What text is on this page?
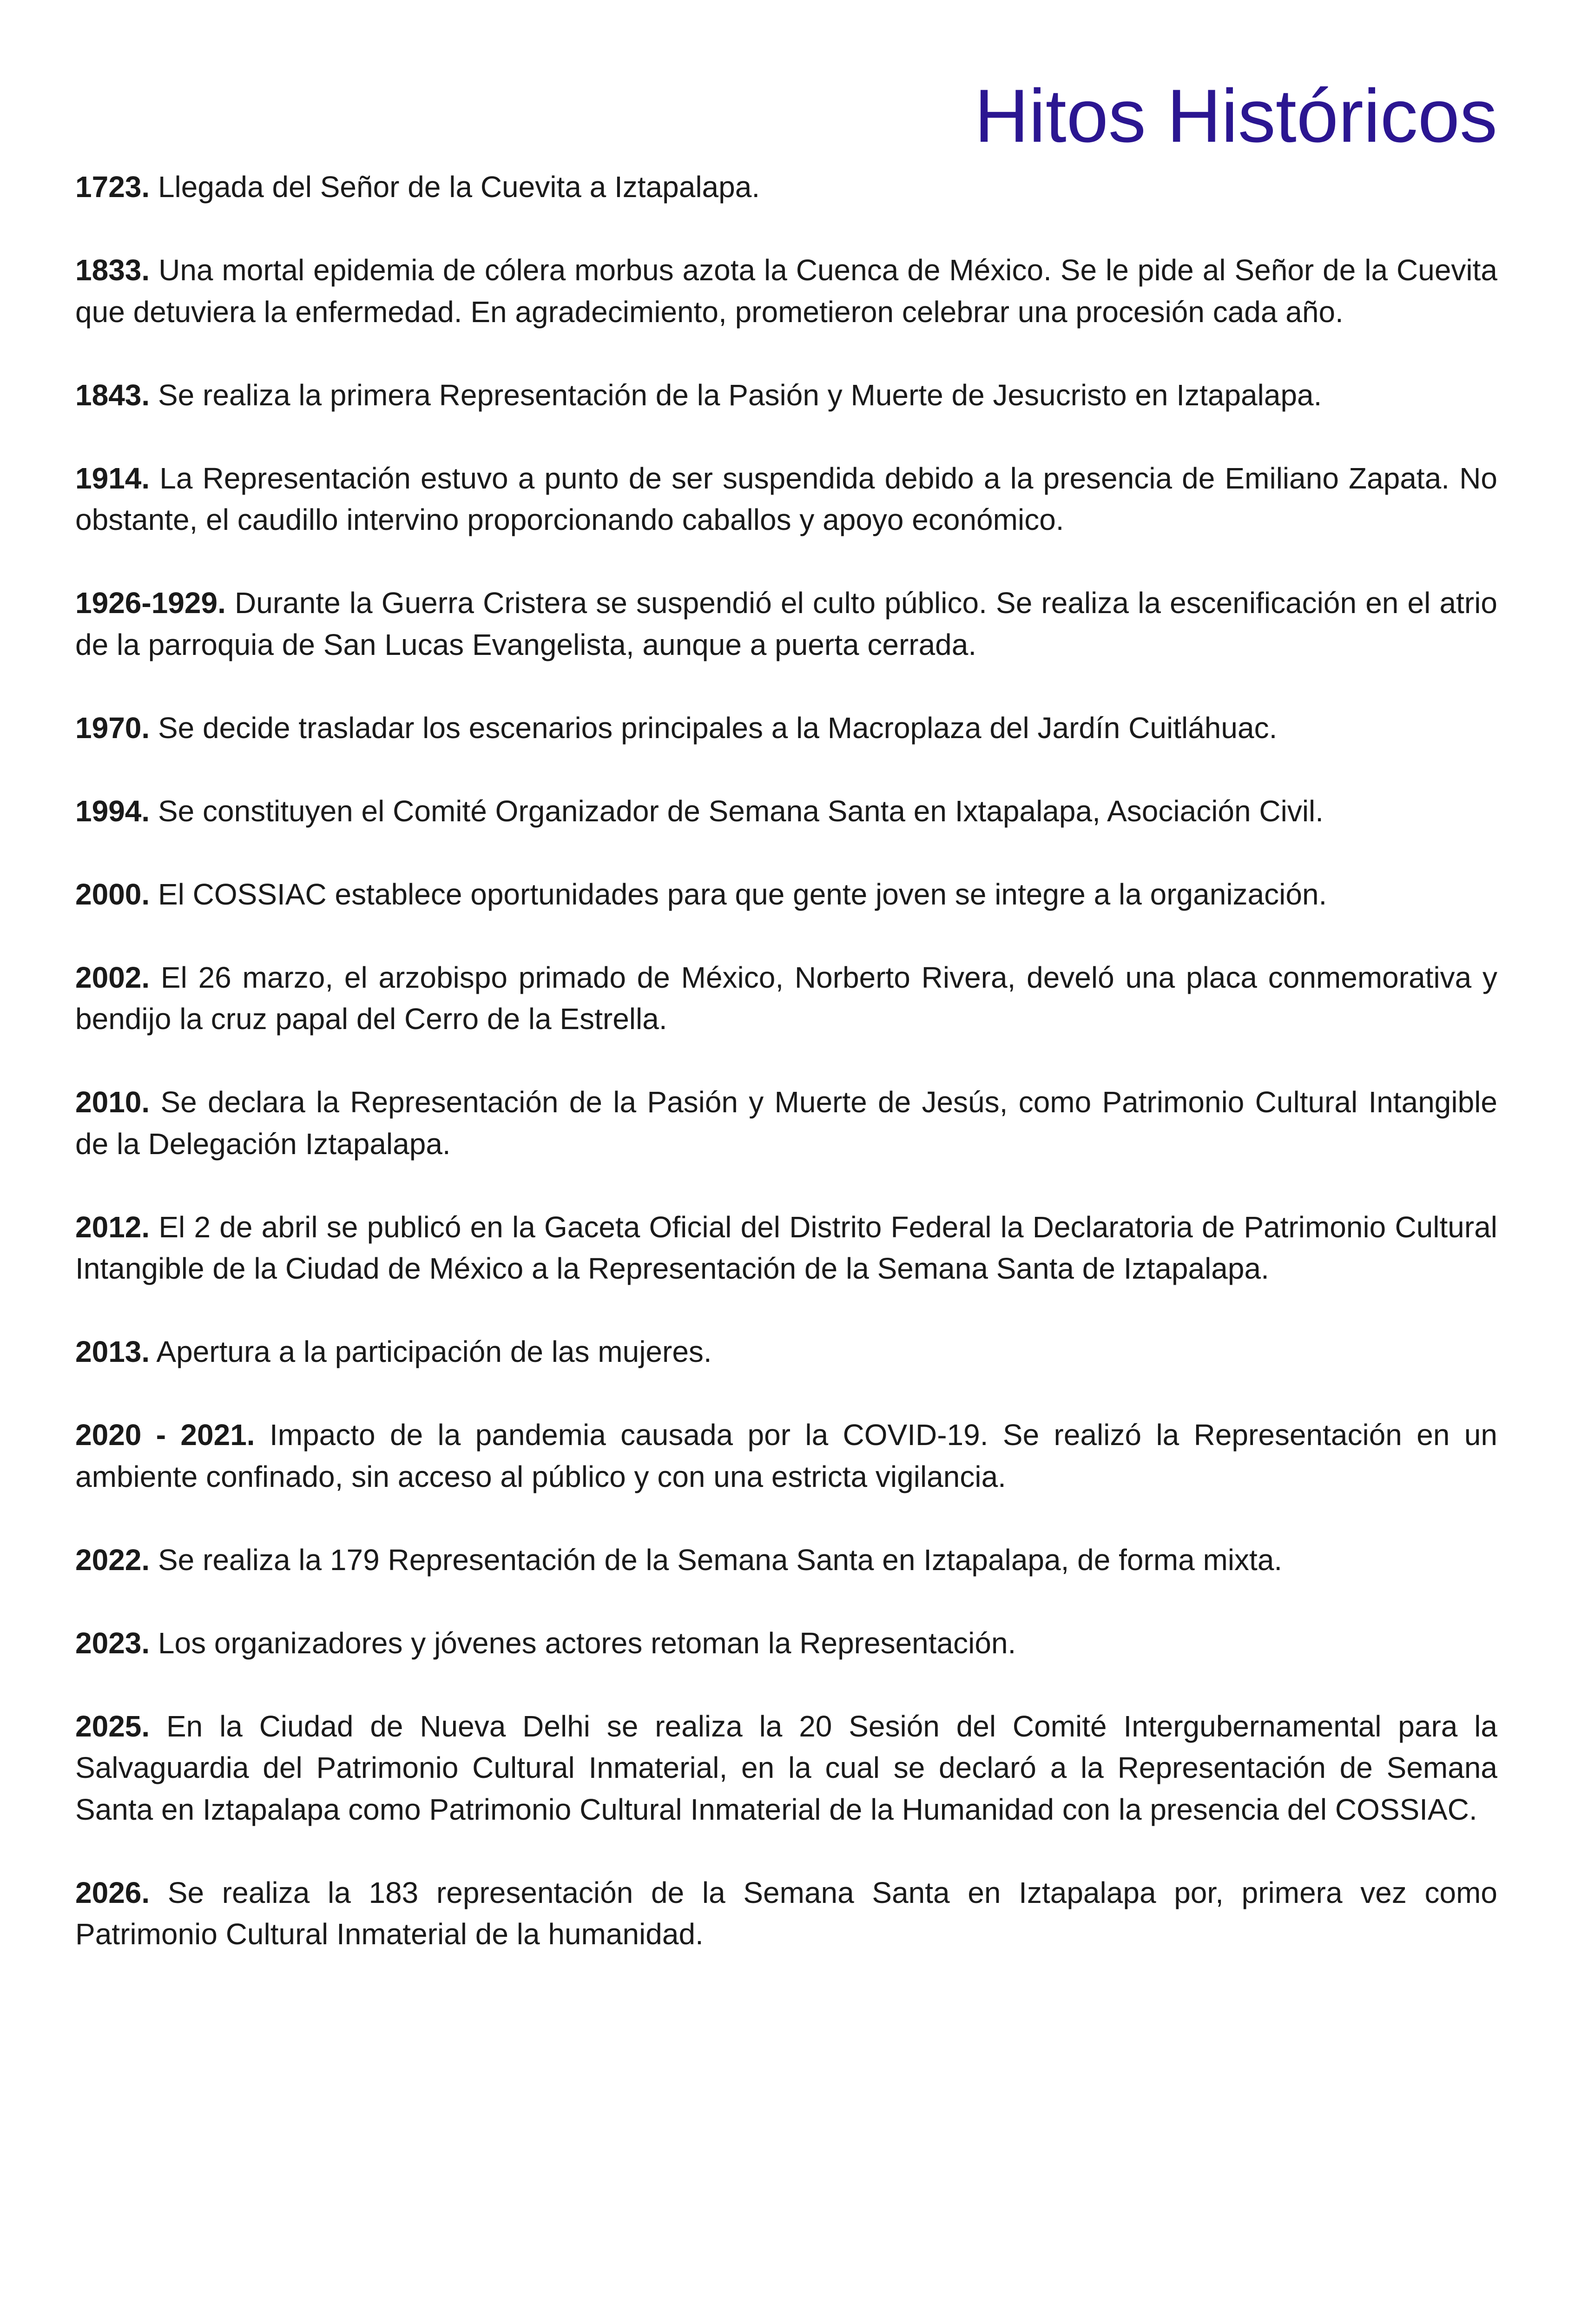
Hitos Históricos

1723. Llegada del Señor de la Cuevita a Iztapalapa.

1833. Una mortal epidemia de cólera morbus azota la Cuenca de México. Se le pide al Señor de la Cuevita que detuviera la enfermedad. En agradecimiento, prometieron celebrar una procesión cada año.

1843. Se realiza la primera Representación de la Pasión y Muerte de Jesucristo en Iztapalapa.

1914. La Representación estuvo a punto de ser suspendida debido a la presencia de Emiliano Zapata. No obstante, el caudillo intervino proporcionando caballos y apoyo económico.

1926-1929. Durante la Guerra Cristera se suspendió el culto público. Se realiza la escenificación en el atrio de la parroquia de San Lucas Evangelista, aunque a puerta cerrada.

1970. Se decide trasladar los escenarios principales a la Macroplaza del Jardín Cuitláhuac.

1994. Se constituyen el Comité Organizador de Semana Santa en Ixtapalapa, Asociación Civil.

2000. El COSSIAC establece oportunidades para que gente joven se integre a la organización.

2002. El 26 marzo, el arzobispo primado de México, Norberto Rivera, develó una placa conmemorativa y bendijo la cruz papal del Cerro de la Estrella.

2010. Se declara la Representación de la Pasión y Muerte de Jesús, como Patrimonio Cultural Intangible de la Delegación Iztapalapa.

2012. El 2 de abril se publicó en la Gaceta Oficial del Distrito Federal la Declaratoria de Patrimonio Cultural Intangible de la Ciudad de México a la Representación de la Semana Santa de Iztapalapa.

2013. Apertura a la participación de las mujeres.

2020 - 2021. Impacto de la pandemia causada por la COVID-19. Se realizó la Representación en un ambiente confinado, sin acceso al público y con una estricta vigilancia.

2022. Se realiza la 179 Representación de la Semana Santa en Iztapalapa, de forma mixta.

2023. Los organizadores y jóvenes actores retoman la Representación.

2025. En la Ciudad de Nueva Delhi se realiza la 20 Sesión del Comité Intergubernamental para la Salvaguardia del Patrimonio Cultural Inmaterial, en la cual se declaró a la Representación de Semana Santa en Iztapalapa como Patrimonio Cultural Inmaterial de la Humanidad con la presencia del COSSIAC.

2026. Se realiza la 183 representación de la Semana Santa en Iztapalapa por, primera vez como Patrimonio Cultural Inmaterial de la humanidad.
